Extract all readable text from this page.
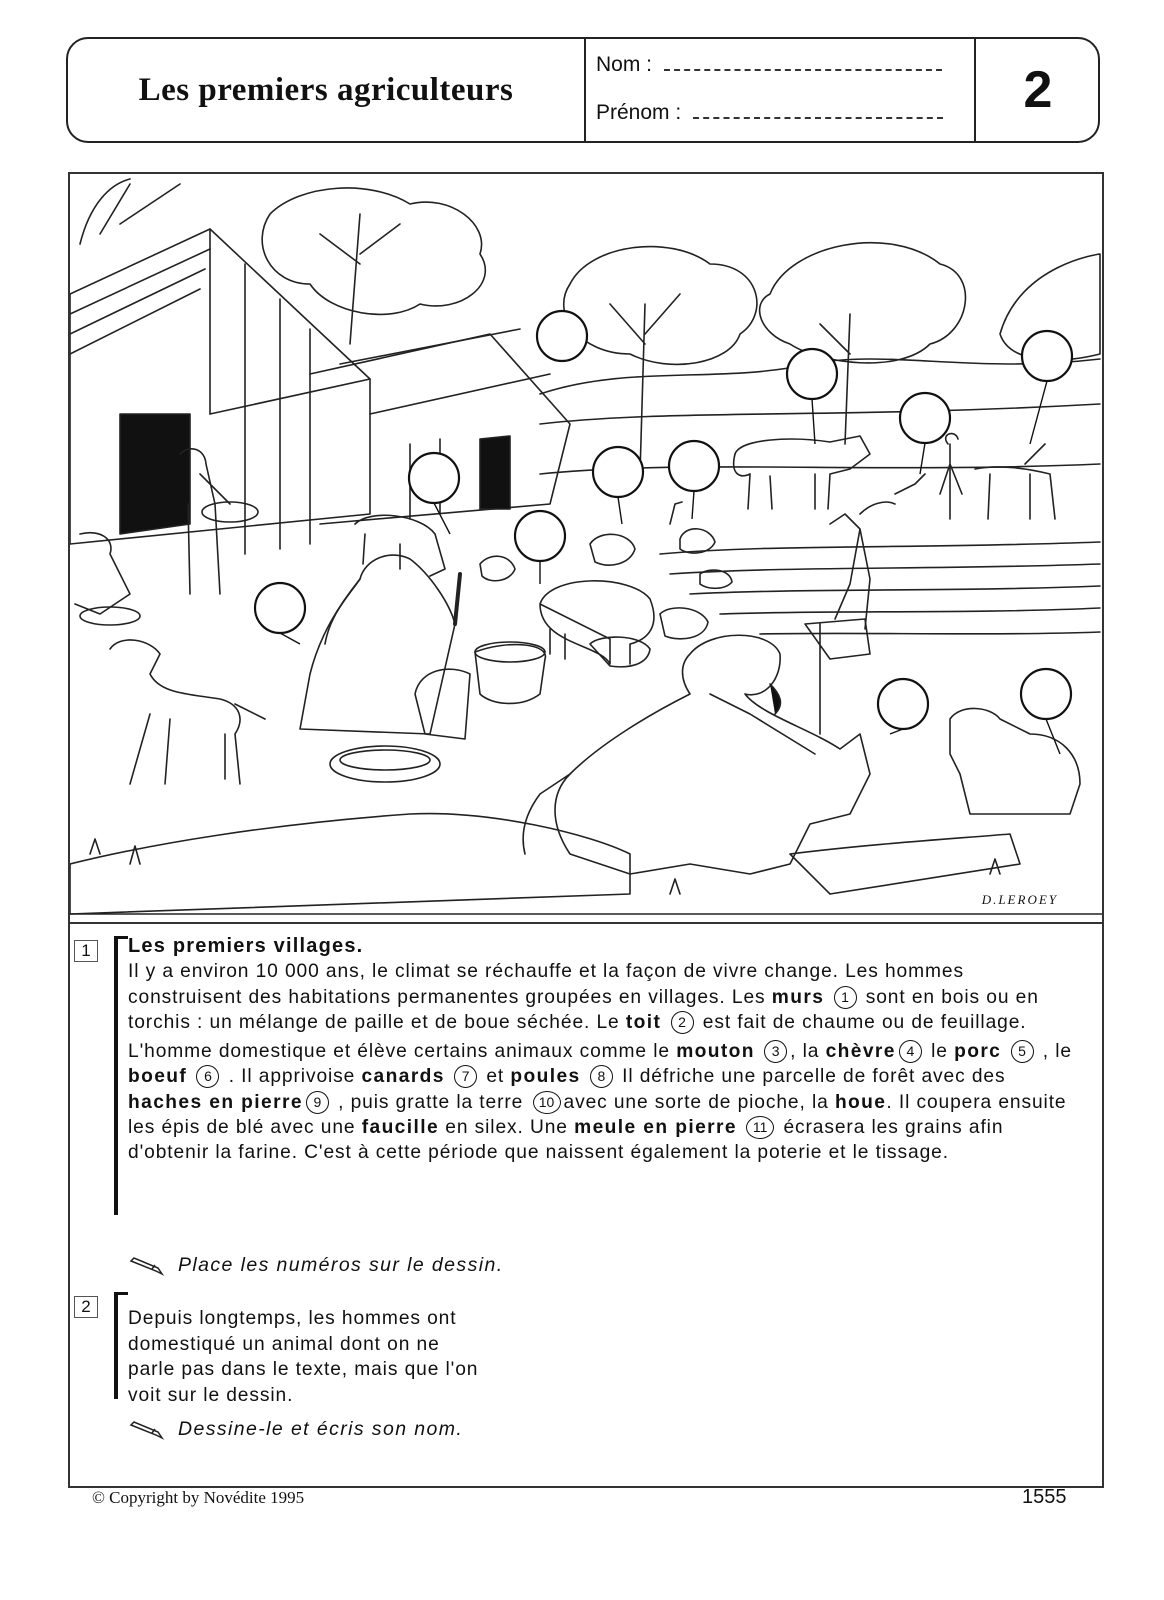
Les premiers agriculteurs
Nom :
Prénom :	2
D.LEROEY
1	Les premiers villages.

Il y a environ 10 000 ans, le climat se réchauffe et la façon de vivre change. Les hommes construisent des habitations permanentes groupées en villages. Les murs 1 sont en bois ou en torchis : un mélange de paille et de boue séchée. Le toit 2 est fait de chaume ou de feuillage.

L'homme domestique et élève certains animaux comme le mouton 3 , la chèvre 4 le porc 5 , le boeuf 6 . Il apprivoise canards 7 et poules 8 Il défriche une parcelle de forêt avec des haches en pierre 9 , puis gratte la terre 10 avec une sorte de pioche, la houe. Il coupera ensuite les épis de blé avec une faucille en silex. Une meule en pierre 11 écrasera les grains afin d'obtenir la farine. C'est à cette période que naissent également la poterie et le tissage.

Place les numéros sur le dessin.
2

Depuis longtemps, les hommes ont domestiqué un animal dont on ne parle pas dans le texte, mais que l'on voit sur le dessin.

Dessine-le et écris son nom.
© Copyright by Novédite 1995	1555
